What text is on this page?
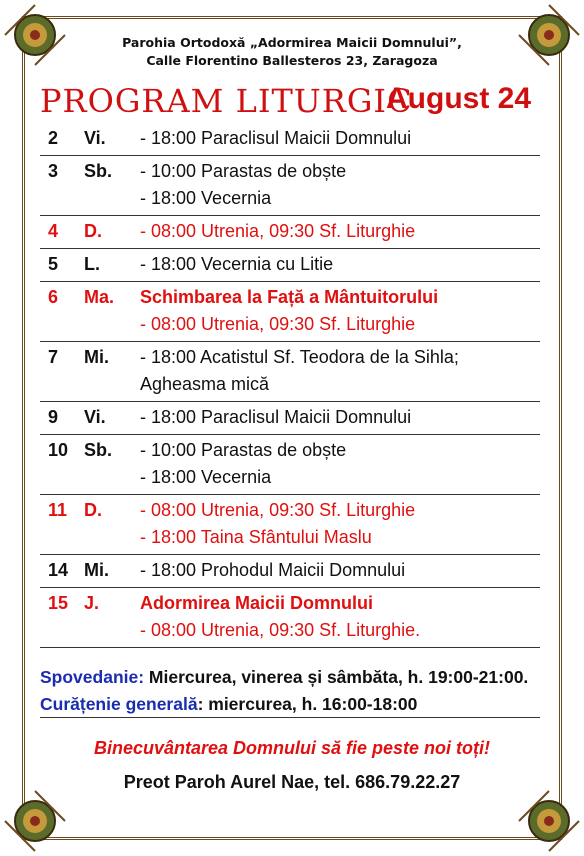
Parohia Ortodoxă „Adormirea Maicii Domnului”,
Calle Florentino Ballesteros 23, Zaragoza
PROGRAM LITURGIC
August 24
2	Vi.	- 18:00 Paraclisul Maicii Domnului

3	Sb.	- 10:00 Parastas de obște
- 18:00 Vecernia

4	D.	- 08:00 Utrenia, 09:30 Sf. Liturghie

5	L.	- 18:00 Vecernia cu Litie

6	Ma.	Schimbarea la Față a Mântuitorului
- 08:00 Utrenia, 09:30 Sf. Liturghie

7	Mi.	- 18:00 Acatistul Sf. Teodora de la Sihla;
Agheasma mică

9	Vi.	- 18:00 Paraclisul Maicii Domnului

10	Sb.	- 10:00 Parastas de obște
- 18:00 Vecernia

11	D.	- 08:00 Utrenia, 09:30 Sf. Liturghie
- 18:00 Taina Sfântului Maslu

14	Mi.	- 18:00 Prohodul Maicii Domnului

15	J.	Adormirea Maicii Domnului
- 08:00 Utrenia, 09:30 Sf. Liturghie.
Spovedanie: Miercurea, vinerea și sâmbăta, h. 19:00-21:00.
Curățenie generală: miercurea, h. 16:00-18:00
Binecuvântarea Domnului să fie peste noi toți!
Preot Paroh Aurel Nae, tel. 686.79.22.27
